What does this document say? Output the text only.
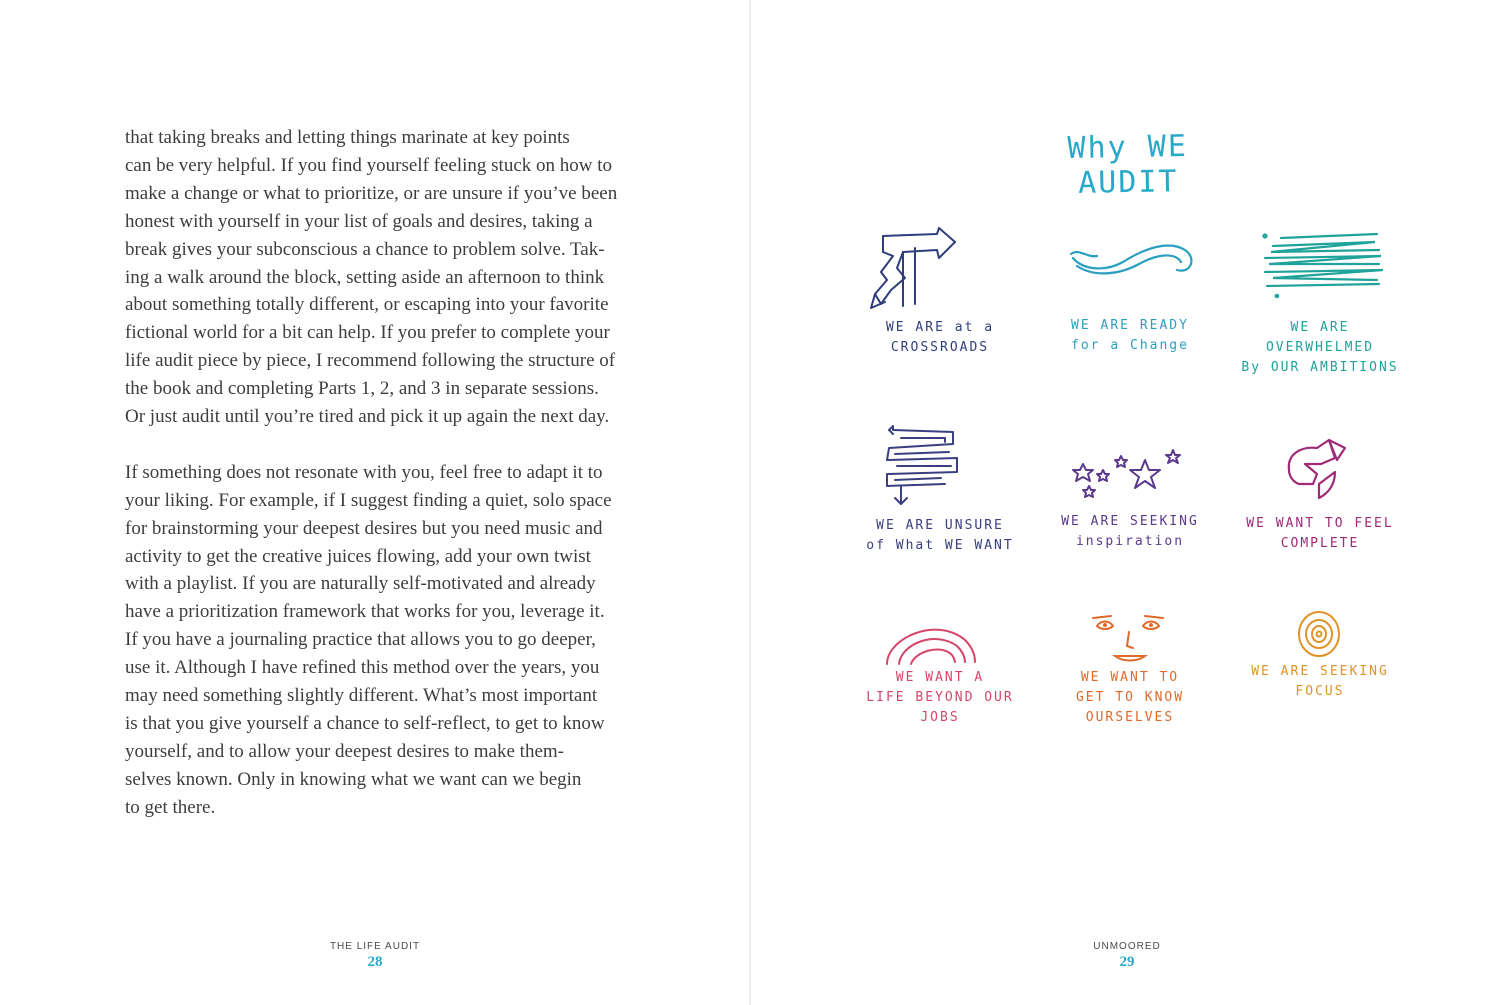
that taking breaks and letting things marinate at key points
can be very helpful. If you find yourself feeling stuck on how to
make a change or what to prioritize, or are unsure if you’ve been
honest with yourself in your list of goals and desires, taking a
break gives your subconscious a chance to problem solve. Tak-
ing a walk around the block, setting aside an afternoon to think
about something totally different, or escaping into your favorite
fictional world for a bit can help. If you prefer to complete your
life audit piece by piece, I recommend following the structure of
the book and completing Parts 1, 2, and 3 in separate sessions.
Or just audit until you’re tired and pick it up again the next day.

If something does not resonate with you, feel free to adapt it to
your liking. For example, if I suggest finding a quiet, solo space
for brainstorming your deepest desires but you need music and
activity to get the creative juices flowing, add your own twist
with a playlist. If you are naturally self-motivated and already
have a prioritization framework that works for you, leverage it.
If you have a journaling practice that allows you to go deeper,
use it. Although I have refined this method over the years, you
may need something slightly different. What’s most important
is that you give yourself a chance to self-reflect, to get to know
yourself, and to allow your deepest desires to make them-
selves known. Only in knowing what we want can we begin
to get there.

THE LIFE AUDIT
28
Why WE AUDIT
WE ARE at a
CROSSROADS
WE ARE READY
for a Change
WE ARE
OVERWHELMED
By OUR AMBITIONS
WE ARE UNSURE
of What WE WANT
WE ARE SEEKING
inspiration
WE WANT TO FEEL
COMPLETE
WE WANT A
LIFE BEYOND OUR
JOBS
WE WANT TO
GET TO KNOW
OURSELVES
WE ARE SEEKING
FOCUS
UNMOORED
29
